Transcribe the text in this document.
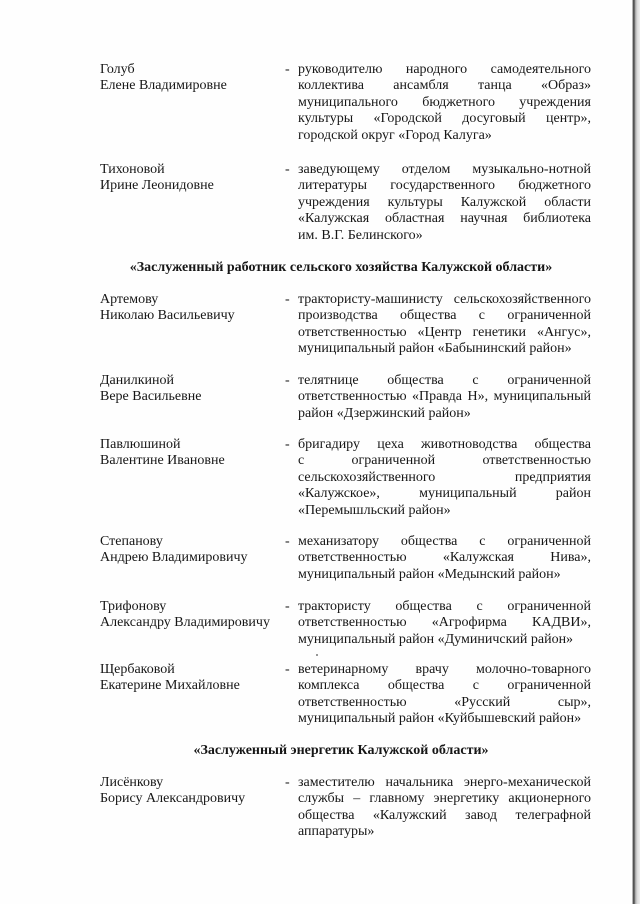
Голуб
Елене Владимировне
- руководителю народного самодеятельного
коллектива ансамбля танца «Образ»
муниципального бюджетного учреждения
культуры «Городской досуговый центр»,
городской округ «Город Калуга»
Тихоновой
Ирине Леонидовне
- заведующему отделом музыкально-нотной
литературы государственного бюджетного
учреждения культуры Калужской области
«Калужская областная научная библиотека
им. В.Г. Белинского»
«Заслуженный работник сельского хозяйства Калужской области»
Артемову
Николаю Васильевичу
- трактористу-машинисту сельскохозяйственного
производства общества с ограниченной
ответственностью «Центр генетики «Ангус»,
муниципальный район «Бабынинский район»
Данилкиной
Вере Васильевне
- телятнице общества с ограниченной
ответственностью «Правда Н», муниципальный
район «Дзержинский район»
Павлюшиной
Валентине Ивановне
- бригадиру цеха животноводства общества
с ограниченной ответственностью
сельскохозяйственного предприятия
«Калужское», муниципальный район
«Перемышльский район»
Степанову
Андрею Владимировичу
- механизатору общества с ограниченной
ответственностью «Калужская Нива»,
муниципальный район «Медынский район»
Трифонову
Александру Владимировичу
- трактористу общества с ограниченной
ответственностью «Агрофирма КАДВИ»,
муниципальный район «Думиничский район»
Щербаковой
Екатерине Михайловне
- ветеринарному врачу молочно-товарного
комплекса общества с ограниченной
ответственностью «Русский сыр»,
муниципальный район «Куйбышевский район»
«Заслуженный энергетик Калужской области»
Лисёнкову
Борису Александровичу
- заместителю начальника энерго-механической
службы – главному энергетику акционерного
общества «Калужский завод телеграфной
аппаратуры»
